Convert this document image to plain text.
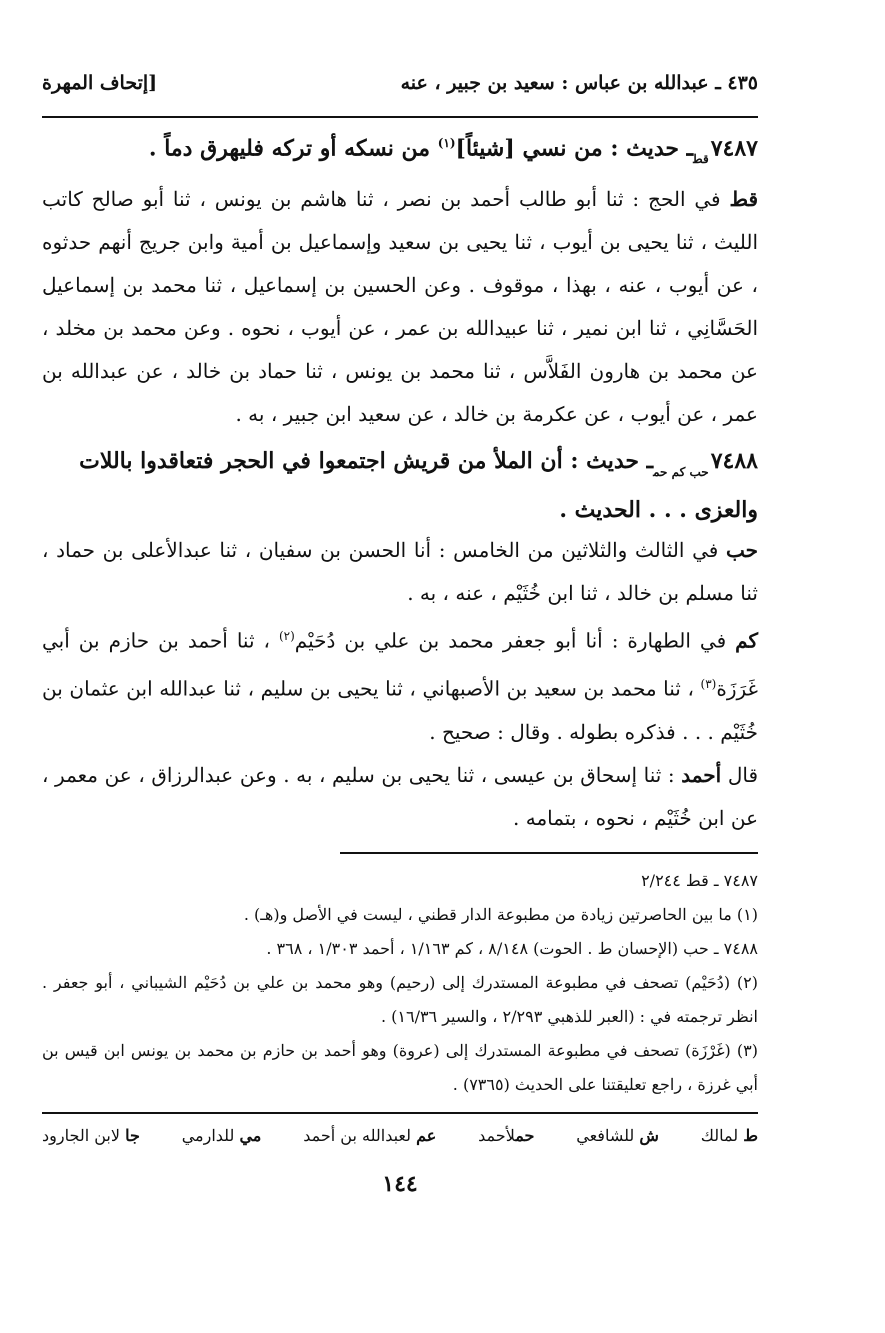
٤٣٥ ـ عبدالله بن عباس : سعيد بن جبير ، عنه
[إتحاف المهرة
$٧٤٨٧_{قط}ـ$ حديث : من نسي [شيئاً]$^{(١)}$ من نسكه أو تركه فليهرق دماً .
قط في الحج : ثنا أبو طالب أحمد بن نصر ، ثنا هاشم بن يونس ، ثنا أبو صالح كاتب الليث ، ثنا يحيى بن أيوب ، ثنا يحيى بن سعيد وإسماعيل بن أمية وابن جريج أنهم حدثوه ، عن أيوب ، عنه ، بهذا ، موقوف . وعن الحسين بن إسماعيل ، ثنا محمد بن إسماعيل الحَسَّانِي ، ثنا ابن نمير ، ثنا عبيدالله بن عمر ، عن أيوب ، نحوه . وعن محمد بن مخلد ، عن محمد بن هارون الفَلاَّس ، ثنا محمد بن يونس ، ثنا حماد بن خالد ، عن عبدالله بن عمر ، عن أيوب ، عن عكرمة بن خالد ، عن سعيد ابن جبير ، به .
$٧٤٨٨_{حب كم حم}ـ$ حديث : أن الملأ من قريش اجتمعوا في الحجر فتعاقدوا باللات والعزى . . . الحديث .
حب في الثالث والثلاثين من الخامس : أنا الحسن بن سفيان ، ثنا عبدالأعلى بن حماد ، ثنا مسلم بن خالد ، ثنا ابن خُثَيْم ، عنه ، به .
كم في الطهارة : أنا أبو جعفر محمد بن علي بن دُحَيْم$^{(٢)}$ ، ثنا أحمد بن حازم بن أبي غَرَزَة$^{(٣)}$ ، ثنا محمد بن سعيد بن الأصبهاني ، ثنا يحيى بن سليم ، ثنا عبدالله ابن عثمان بن خُثَيْم . . . فذكره بطوله . وقال : صحيح .
قال أحمد : ثنا إسحاق بن عيسى ، ثنا يحيى بن سليم ، به . وعن عبدالرزاق ، عن معمر ، عن ابن خُثَيْم ، نحوه ، بتمامه .
٧٤٨٧ ـ قط ٢/٢٤٤
(١) ما بين الحاصرتين زيادة من مطبوعة الدار قطني ، ليست في الأصل و(هـ) .
٧٤٨٨ ـ حب (الإحسان ط . الحوت) ٨/١٤٨ ، كم ١/١٦٣ ، أحمد ١/٣٠٣ ، ٣٦٨ .
(٢) (دُحَيْم) تصحف في مطبوعة المستدرك إلى (رحيم) وهو محمد بن علي بن دُحَيْم الشيباني ، أبو جعفر . انظر ترجمته في : (العبر للذهبي ٢/٢٩٣ ، والسير ١٦/٣٦) .
(٣) (غَرْزَة) تصحف في مطبوعة المستدرك إلى (عروة) وهو أحمد بن حازم بن محمد بن يونس ابن قيس بن أبي غرزة ، راجع تعليقتنا على الحديث (٧٣٦٥) .
ط لمالك
ش للشافعي
حملأحمد
عم لعبدالله بن أحمد
مي للدارمي
جا لابن الجارود
١٤٤
